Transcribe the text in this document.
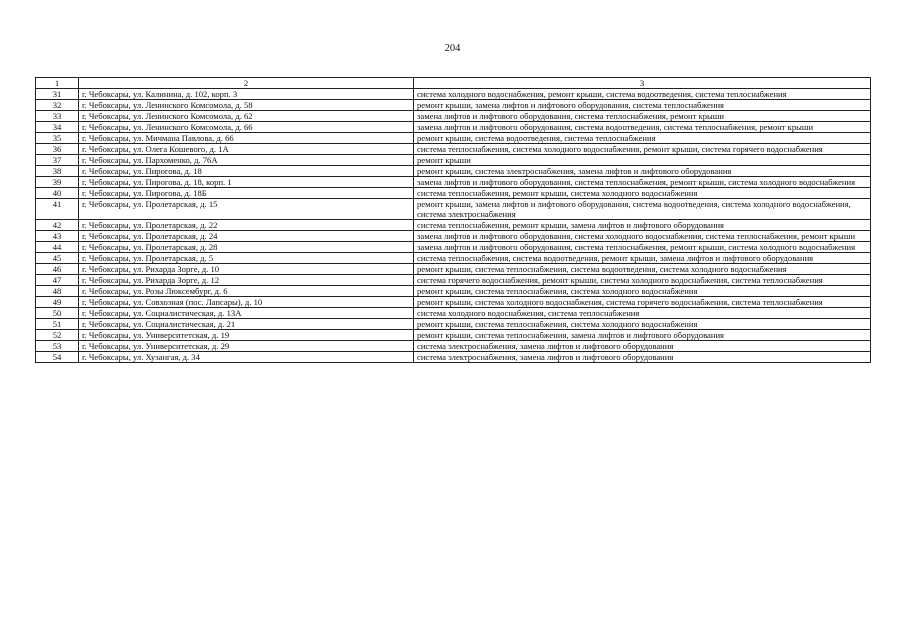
204
1	2	3
31	г. Чебоксары, ул. Калинина, д. 102, корп. 3	система холодного водоснабжения, ремонт крыши, система водоотведения, система теплоснабжения
32	г. Чебоксары, ул. Ленинского Комсомола, д. 58	ремонт крыши, замена лифтов и лифтового оборудования, система теплоснабжения
33	г. Чебоксары, ул. Ленинского Комсомола, д. 62	замена лифтов и лифтового оборудования, система теплоснабжения, ремонт крыши
34	г. Чебоксары, ул. Ленинского Комсомола, д. 66	замена лифтов и лифтового оборудования, система водоотведения, система теплоснабжения, ремонт крыши
35	г. Чебоксары, ул. Мичмана Павлова, д. 66	ремонт крыши, система водоотведения, система теплоснабжения
36	г. Чебоксары, ул. Олега Кошевого, д. 1А	система теплоснабжения, система холодного водоснабжения, ремонт крыши, система горячего водоснабжения
37	г. Чебоксары, ул. Пархоменко, д. 76А	ремонт крыши
38	г. Чебоксары, ул. Пирогова, д. 18	ремонт крыши, система электроснабжения, замена лифтов и лифтового оборудования
39	г. Чебоксары, ул. Пирогова, д. 18, корп. 1	замена лифтов и лифтового оборудования, система теплоснабжения, ремонт крыши, система холодного водоснабжения
40	г. Чебоксары, ул. Пирогова, д. 18Б	система теплоснабжения, ремонт крыши, система холодного водоснабжения
41	г. Чебоксары, ул. Пролетарская, д. 15	ремонт крыши, замена лифтов и лифтового оборудования, система водоотведения, система холодного водоснабжения, система электроснабжения
42	г. Чебоксары, ул. Пролетарская, д. 22	система теплоснабжения, ремонт крыши, замена лифтов и лифтового оборудования
43	г. Чебоксары, ул. Пролетарская, д. 24	замена лифтов и лифтового оборудования, система холодного водоснабжения, система теплоснабжения, ремонт крыши
44	г. Чебоксары, ул. Пролетарская, д. 28	замена лифтов и лифтового оборудования, система теплоснабжения, ремонт крыши, система холодного водоснабжения
45	г. Чебоксары, ул. Пролетарская, д. 5	система теплоснабжения, система водоотведения, ремонт крыши, замена лифтов и лифтового оборудования
46	г. Чебоксары, ул. Рихарда Зорге, д. 10	ремонт крыши, система теплоснабжения, система водоотведения, система холодного водоснабжения
47	г. Чебоксары, ул. Рихарда Зорге, д. 12	система горячего водоснабжения, ремонт крыши, система холодного водоснабжения, система теплоснабжения
48	г. Чебоксары, ул. Розы Люксембург, д. 6	ремонт крыши, система теплоснабжения, система холодного водоснабжения
49	г. Чебоксары, ул. Совхозная (пос. Лапсары), д. 10	ремонт крыши, система холодного водоснабжения, система горячего водоснабжения, система теплоснабжения
50	г. Чебоксары, ул. Социалистическая, д. 13А	система холодного водоснабжения, система теплоснабжения
51	г. Чебоксары, ул. Социалистическая, д. 21	ремонт крыши, система теплоснабжения, система холодного водоснабжения
52	г. Чебоксары, ул. Университетская, д. 19	ремонт крыши, система теплоснабжения, замена лифтов и лифтового оборудования
53	г. Чебоксары, ул. Университетская, д. 29	система электроснабжения, замена лифтов и лифтового оборудования
54	г. Чебоксары, ул. Хузангая, д. 34	система электроснабжения, замена лифтов и лифтового оборудования
